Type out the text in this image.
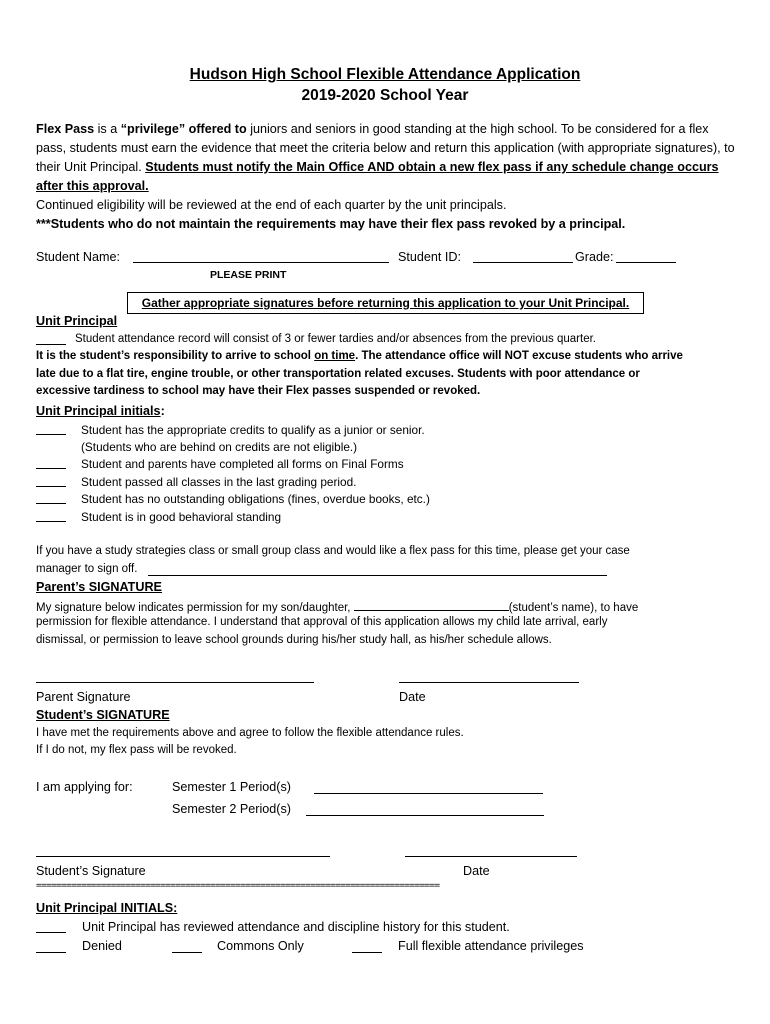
Hudson High School Flexible Attendance Application
2019-2020 School Year
Flex Pass is a “privilege” offered to juniors and seniors in good standing at the high school. To be considered for a flex pass, students must earn the evidence that meet the criteria below and return this application (with appropriate signatures), to their Unit Principal. Students must notify the Main Office AND obtain a new flex pass if any schedule change occurs after this approval.
Continued eligibility will be reviewed at the end of each quarter by the unit principals.
***Students who do not maintain the requirements may have their flex pass revoked by a principal.
Student Name:	Student ID:	Grade:
PLEASE PRINT
Gather appropriate signatures before returning this application to your Unit Principal.
Unit Principal
Student attendance record will consist of 3 or fewer tardies and/or absences from the previous quarter.
It is the student’s responsibility to arrive to school on time. The attendance office will NOT excuse students who arrive
late due to a flat tire, engine trouble, or other transportation related excuses. Students with poor attendance or
excessive tardiness to school may have their Flex passes suspended or revoked.
Unit Principal initials:
Student has the appropriate credits to qualify as a junior or senior.
(Students who are behind on credits are not eligible.)
Student and parents have completed all forms on Final Forms
Student passed all classes in the last grading period.
Student has no outstanding obligations (fines, overdue books, etc.)
Student is in good behavioral standing
If you have a study strategies class or small group class and would like a flex pass for this time, please get your case
manager to sign off.
Parent’s SIGNATURE
My signature below indicates permission for my son/daughter,	(student’s name), to have
permission for flexible attendance. I understand that approval of this application allows my child late arrival, early
dismissal, or permission to leave school grounds during his/her study hall, as his/her schedule allows.
Parent Signature	Date
Student’s SIGNATURE
I have met the requirements above and agree to follow the flexible attendance rules.
If I do not, my flex pass will be revoked.
I am applying for:	Semester 1 Period(s)
Semester 2 Period(s)
Student’s Signature	Date
=================================================================================
Unit Principal INITIALS:
Unit Principal has reviewed attendance and discipline history for this student.
Denied	Commons Only	Full flexible attendance privileges
